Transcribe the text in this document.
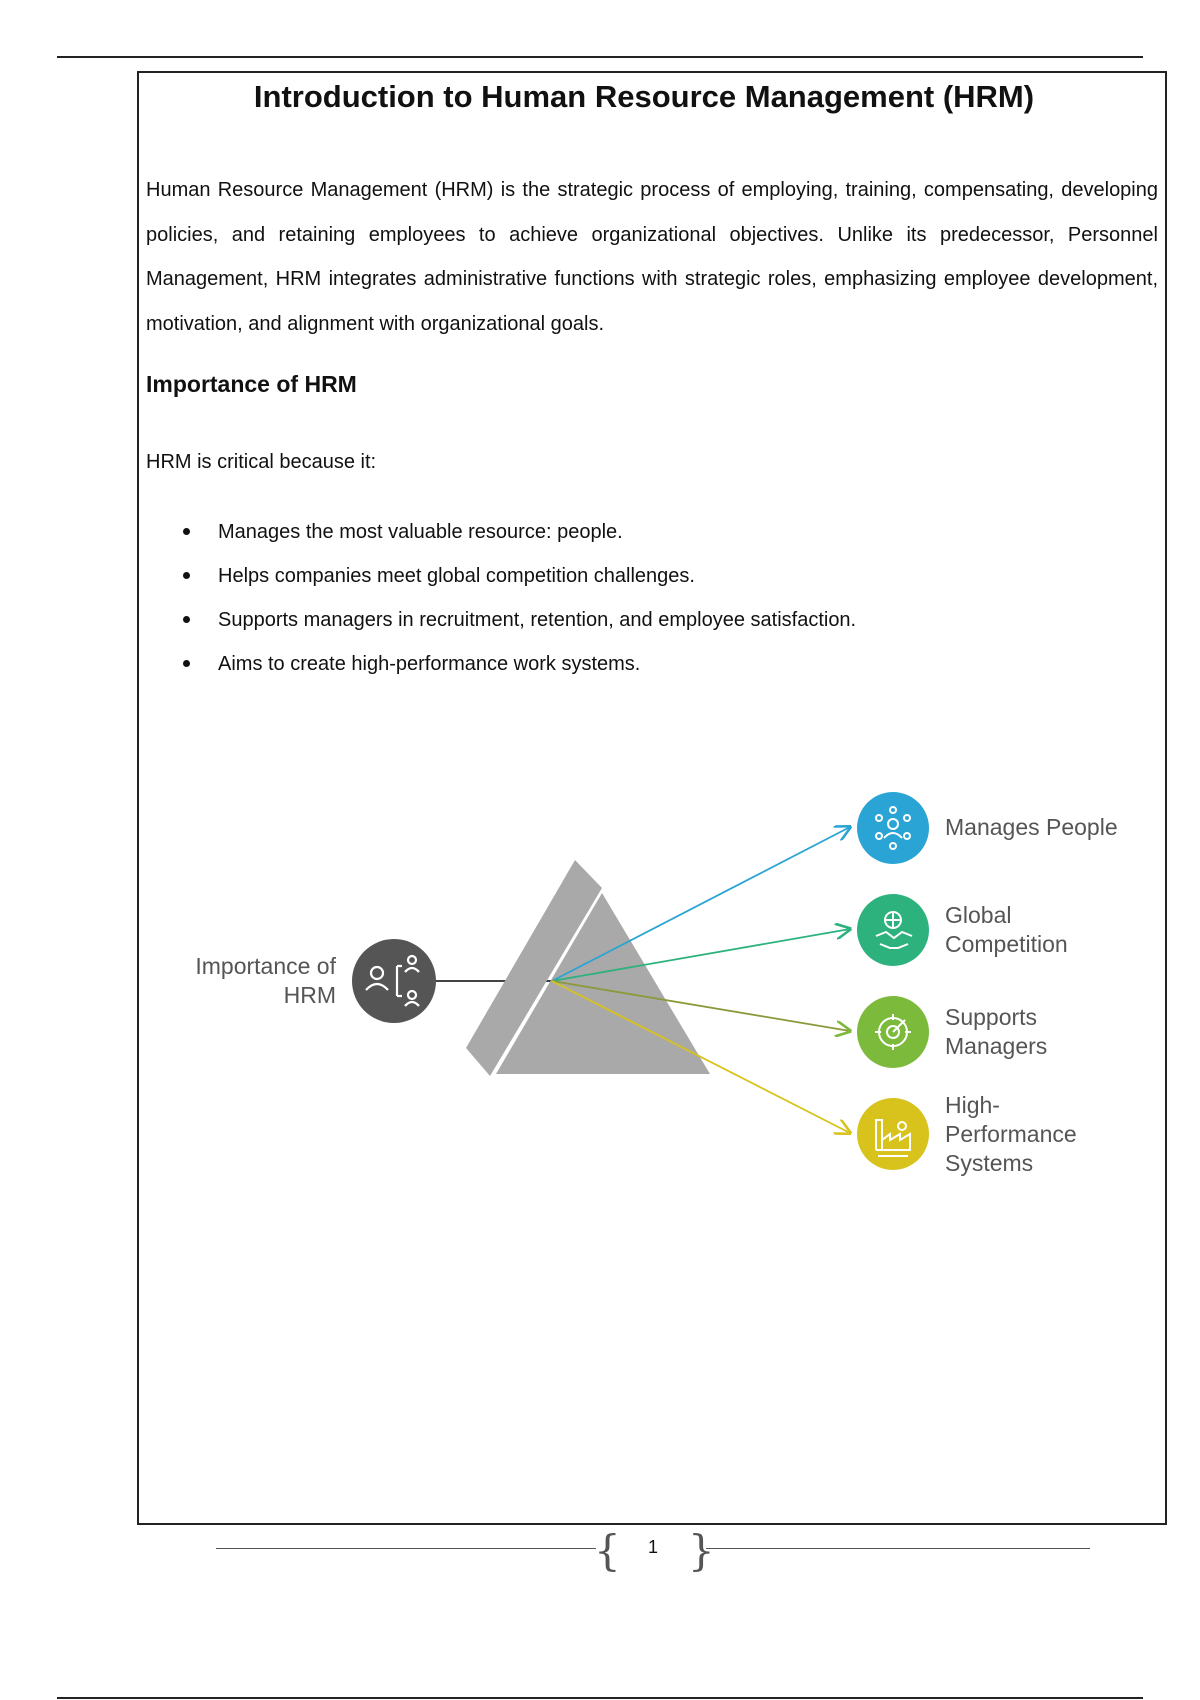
Introduction to Human Resource Management (HRM)

Human Resource Management (HRM) is the strategic process of employing, training, compensating, developing policies, and retaining employees to achieve organizational objectives. Unlike its predecessor, Personnel Management, HRM integrates administrative functions with strategic roles, emphasizing employee development, motivation, and alignment with organizational goals.

Importance of HRM

HRM is critical because it:

Manages the most valuable resource: people.
Helps companies meet global competition challenges.
Supports managers in recruitment, retention, and employee satisfaction.
Aims to create high-performance work systems.

Importance of
HRM

Manages People

Global
Competition

Supports
Managers

High-
Performance
Systems

{ }
1
